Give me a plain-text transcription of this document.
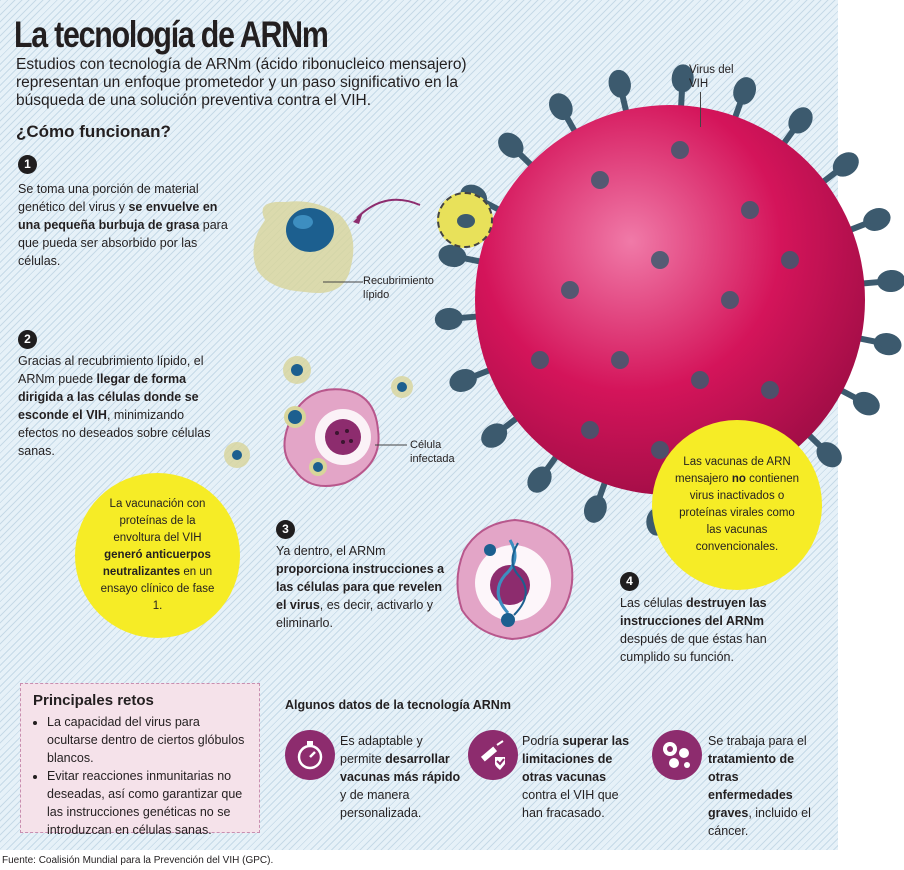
Virus del VIH
La tecnología de ARNm
Estudios con tecnología de ARNm (ácido ribonucleico mensajero) representan un enfoque prometedor y un paso significativo en la búsqueda de una solución preventiva contra el VIH.
¿Cómo funcionan?
1
Se toma una porción de material genético del virus y se envuelve en una pequeña burbuja de grasa para que pueda ser absorbido por las células.
Recubrimiento lípido
2
Gracias al recubrimiento lípido, el ARNm puede llegar de forma dirigida a las células donde se esconde el VIH, minimizando efectos no deseados sobre células sanas.	Célula infectada
La vacunación con proteínas de la envoltura del VIH generó anticuerpos neutralizantes en un ensayo clínico de fase 1.
3
Ya dentro, el ARNm proporciona instrucciones a las células para que revelen el virus, es decir, activarlo y eliminarlo.
Las vacunas de ARN mensajero no contienen virus inactivados o proteínas virales como las vacunas convencionales.
4
Las células destruyen las instrucciones del ARNm después de que éstas han cumplido su función.
Principales retos
• La capacidad del virus para ocultarse dentro de ciertos glóbulos blancos.
• Evitar reacciones inmunitarias no deseadas, así como garantizar que las instrucciones genéticas no se introduzcan en células sanas.
Algunos datos de la tecnología ARNm
Es adaptable y permite desarrollar vacunas más rápido y de manera personalizada.
Podría superar las limitaciones de otras vacunas contra el VIH que han fracasado.
Se trabaja para el tratamiento de otras enfermedades graves, incluido el cáncer.
Fuente: Coalisión Mundial para la Prevención del VIH (GPC).
